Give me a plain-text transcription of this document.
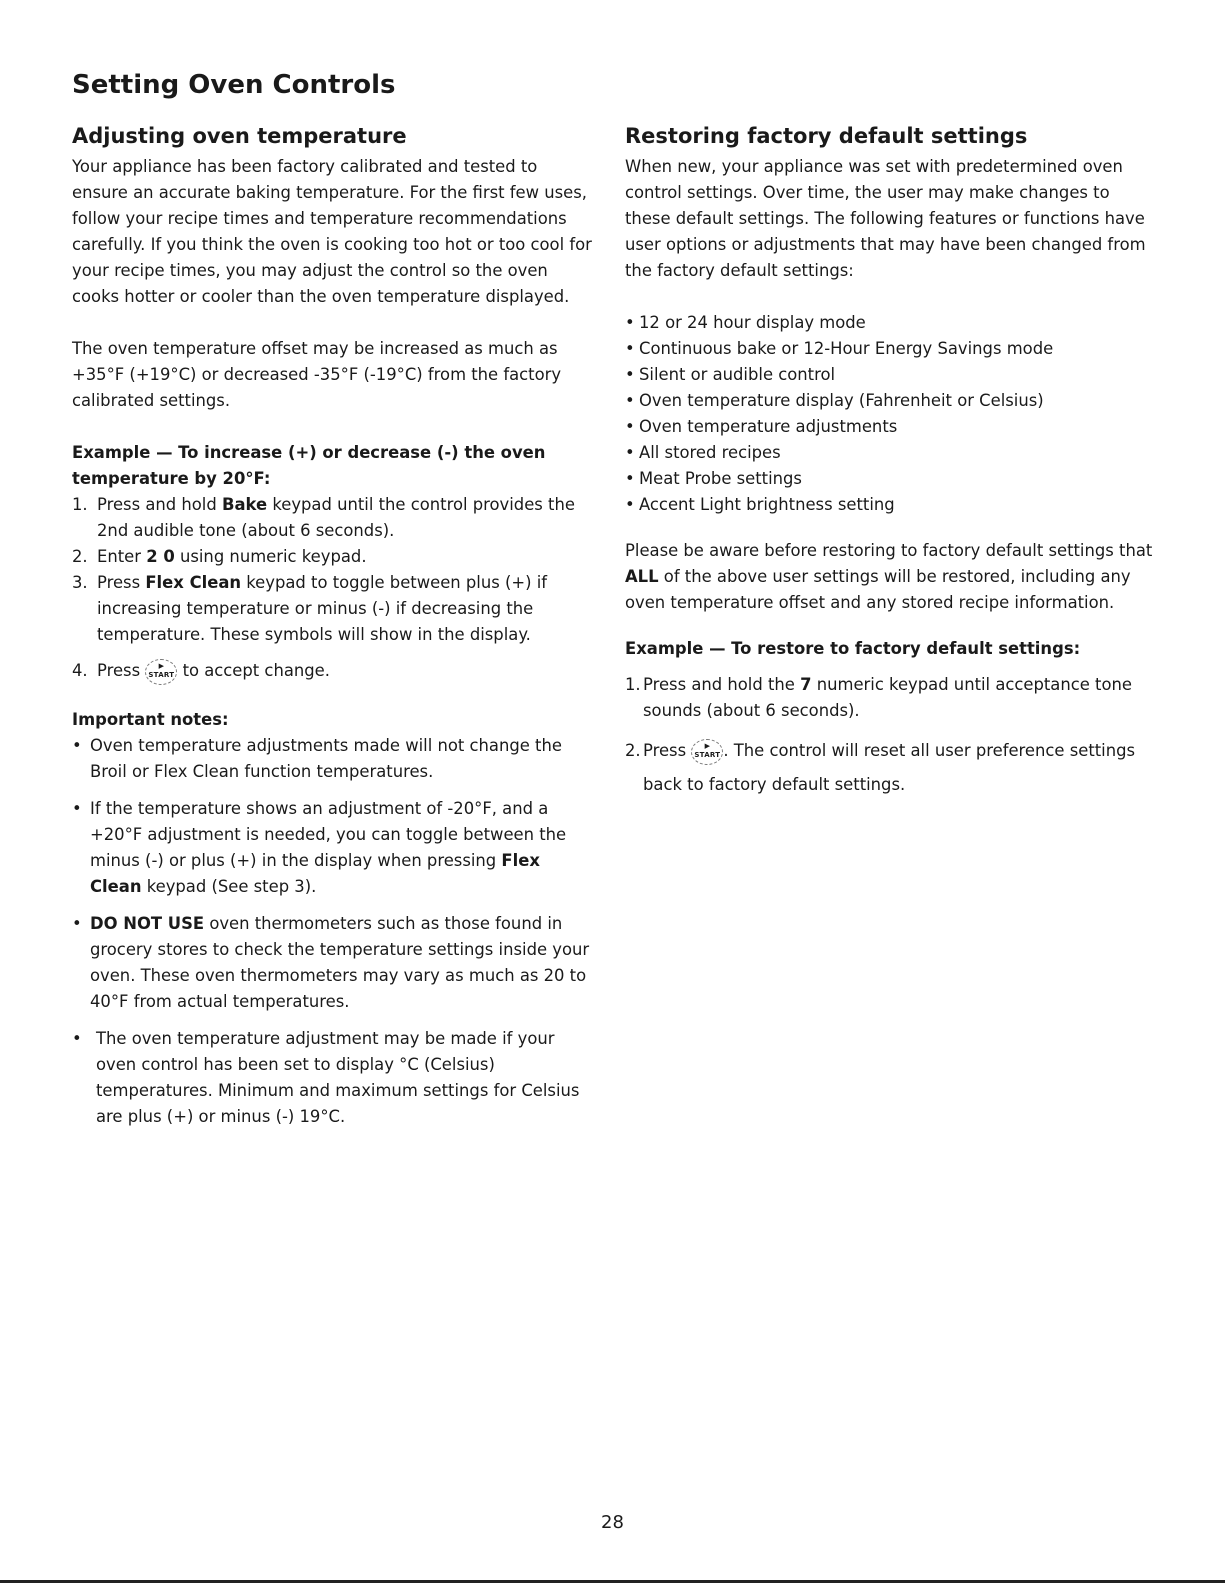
Setting Oven Controls
Adjusting oven temperature

Your appliance has been factory calibrated and tested to ensure an accurate baking temperature. For the first few uses, follow your recipe times and temperature recommendations carefully. If you think the oven is cooking too hot or too cool for your recipe times, you may adjust the control so the oven cooks hotter or cooler than the oven temperature displayed.

The oven temperature offset may be increased as much as +35°F (+19°C) or decreased -35°F (-19°C) from the factory calibrated settings.

Example — To increase (+) or decrease (-) the oven temperature by 20°F:

1. Press and hold Bake keypad until the control provides the 2nd audible tone (about 6 seconds).
2. Enter 2 0 using numeric keypad.
3. Press Flex Clean keypad to toggle between plus (+) if increasing temperature or minus (-) if decreasing the temperature. These symbols will show in the display.
4. Press	▶
START to accept change.

Important notes:

• Oven temperature adjustments made will not change the Broil or Flex Clean function temperatures.
• If the temperature shows an adjustment of -20°F, and a +20°F adjustment is needed, you can toggle between the minus (-) or plus (+) in the display when pressing Flex Clean keypad (See step 3).
• DO NOT USE oven thermometers such as those found in grocery stores to check the temperature settings inside your oven. These oven thermometers may vary as much as 20 to 40°F from actual temperatures.
• The oven temperature adjustment may be made if your oven control has been set to display °C (Celsius) temperatures. Minimum and maximum settings for Celsius are plus (+) or minus (-) 19°C.
Restoring factory default settings

When new, your appliance was set with predetermined oven control settings. Over time, the user may make changes to these default settings. The following features or functions have user options or adjustments that may have been changed from the factory default settings:

• 12 or 24 hour display mode
• Continuous bake or 12-Hour Energy Savings mode
• Silent or audible control
• Oven temperature display (Fahrenheit or Celsius)
• Oven temperature adjustments
• All stored recipes
• Meat Probe settings
• Accent Light brightness setting

Please be aware before restoring to factory default settings that ALL of the above user settings will be restored, including any oven temperature offset and any stored recipe information.

Example — To restore to factory default settings:

1. Press and hold the 7 numeric keypad until acceptance tone sounds (about 6 seconds).
2. Press	▶
START . The control will reset all user preference settings back to factory default settings.
28
